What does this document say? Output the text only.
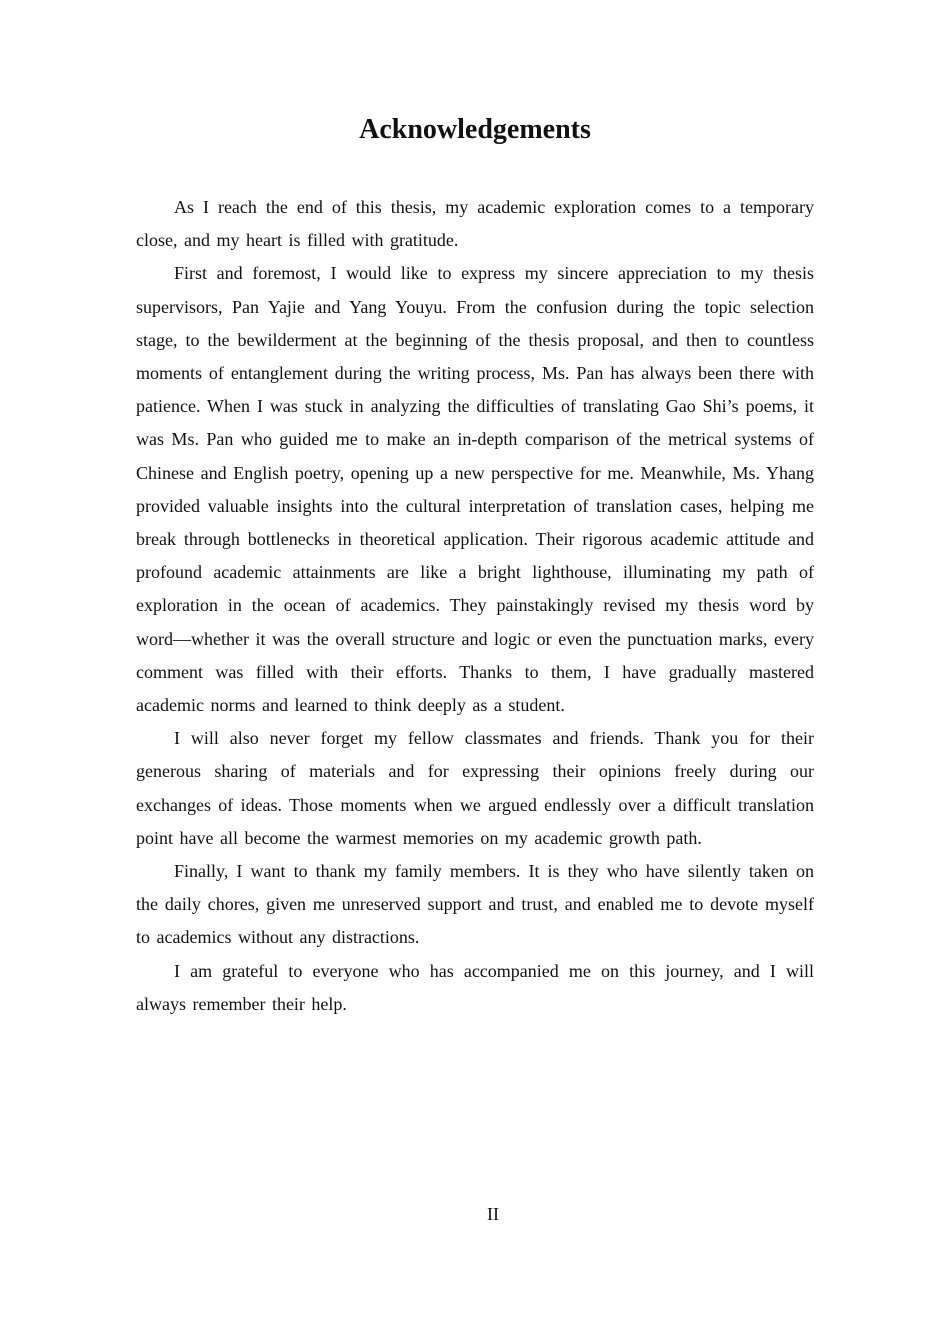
Acknowledgements

As I reach the end of this thesis, my academic exploration comes to a temporary close, and my heart is filled with gratitude.

First and foremost, I would like to express my sincere appreciation to my thesis supervisors, Pan Yajie and Yang Youyu. From the confusion during the topic selection stage, to the bewilderment at the beginning of the thesis proposal, and then to countless moments of entanglement during the writing process, Ms. Pan has always been there with patience. When I was stuck in analyzing the difficulties of translating Gao Shi’s poems, it was Ms. Pan who guided me to make an in-depth comparison of the metrical systems of Chinese and English poetry, opening up a new perspective for me. Meanwhile, Ms. Yhang provided valuable insights into the cultural interpretation of translation cases, helping me break through bottlenecks in theoretical application. Their rigorous academic attitude and profound academic attainments are like a bright lighthouse, illuminating my path of exploration in the ocean of academics. They painstakingly revised my thesis word by word—whether it was the overall structure and logic or even the punctuation marks, every comment was filled with their efforts. Thanks to them, I have gradually mastered academic norms and learned to think deeply as a student.

I will also never forget my fellow classmates and friends. Thank you for their generous sharing of materials and for expressing their opinions freely during our exchanges of ideas. Those moments when we argued endlessly over a difficult translation point have all become the warmest memories on my academic growth path.

Finally, I want to thank my family members. It is they who have silently taken on the daily chores, given me unreserved support and trust, and enabled me to devote myself to academics without any distractions.

I am grateful to everyone who has accompanied me on this journey, and I will always remember their help.

II
